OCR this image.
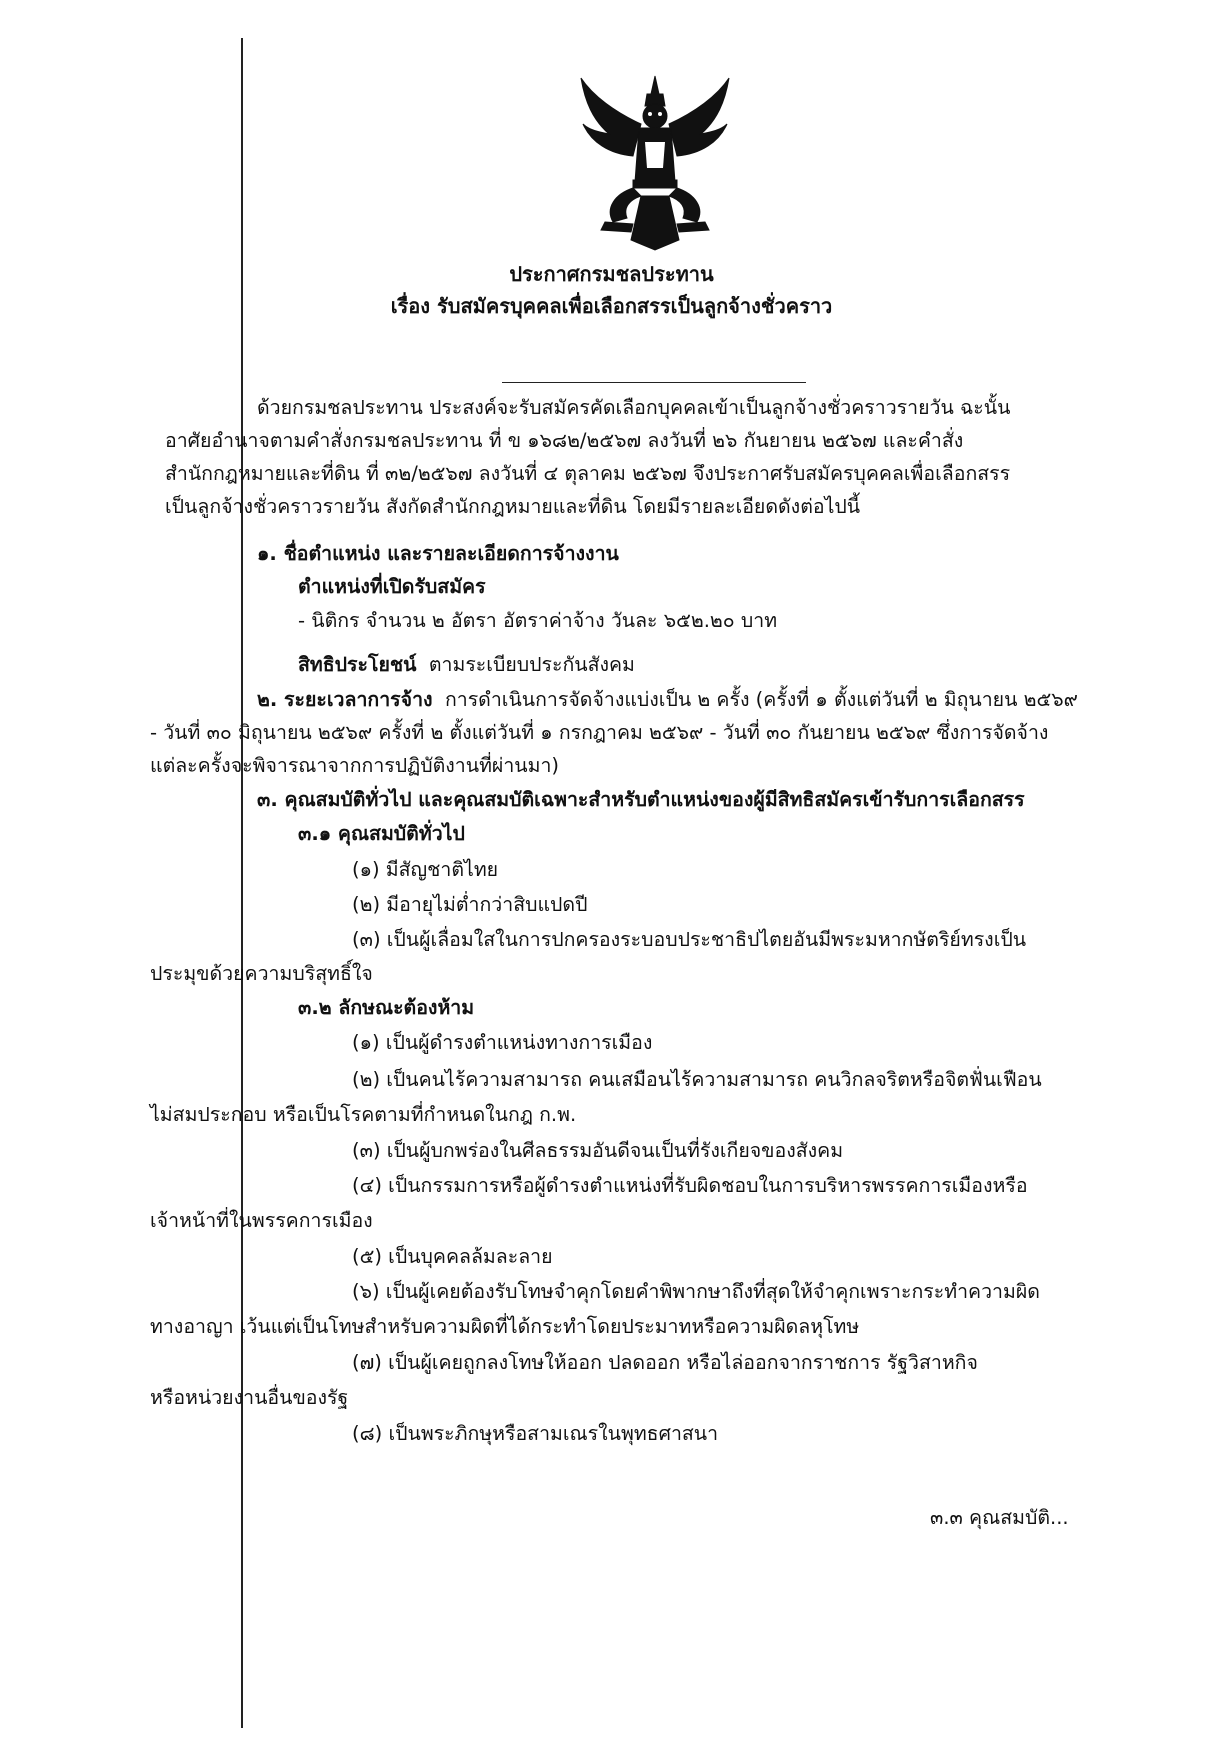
ประกาศกรมชลประทาน
เรื่อง รับสมัครบุคคลเพื่อเลือกสรรเป็นลูกจ้างชั่วคราว
ด้วยกรมชลประทาน ประสงค์จะรับสมัครคัดเลือกบุคคลเข้าเป็นลูกจ้างชั่วคราวรายวัน ฉะนั้น
อาศัยอำนาจตามคำสั่งกรมชลประทาน ที่ ข ๑๖๘๒/๒๕๖๗ ลงวันที่ ๒๖ กันยายน ๒๕๖๗ และคำสั่ง
สำนักกฎหมายและที่ดิน ที่ ๓๒/๒๕๖๗ ลงวันที่ ๔ ตุลาคม ๒๕๖๗ จึงประกาศรับสมัครบุคคลเพื่อเลือกสรร
เป็นลูกจ้างชั่วคราวรายวัน สังกัดสำนักกฎหมายและที่ดิน โดยมีรายละเอียดดังต่อไปนี้
๑. ชื่อตำแหน่ง และรายละเอียดการจ้างงาน
ตำแหน่งที่เปิดรับสมัคร
- นิติกร จำนวน ๒ อัตรา อัตราค่าจ้าง วันละ ๖๕๒.๒๐ บาท
สิทธิประโยชน์ ตามระเบียบประกันสังคม
๒. ระยะเวลาการจ้าง การดำเนินการจัดจ้างแบ่งเป็น ๒ ครั้ง (ครั้งที่ ๑ ตั้งแต่วันที่ ๒ มิถุนายน ๒๕๖๙
- วันที่ ๓๐ มิถุนายน ๒๕๖๙ ครั้งที่ ๒ ตั้งแต่วันที่ ๑ กรกฎาคม ๒๕๖๙ - วันที่ ๓๐ กันยายน ๒๕๖๙ ซึ่งการจัดจ้าง
แต่ละครั้งจะพิจารณาจากการปฏิบัติงานที่ผ่านมา)
๓. คุณสมบัติทั่วไป และคุณสมบัติเฉพาะสำหรับตำแหน่งของผู้มีสิทธิสมัครเข้ารับการเลือกสรร
๓.๑ คุณสมบัติทั่วไป
(๑) มีสัญชาติไทย
(๒) มีอายุไม่ต่ำกว่าสิบแปดปี
(๓) เป็นผู้เลื่อมใสในการปกครองระบอบประชาธิปไตยอันมีพระมหากษัตริย์ทรงเป็น
ประมุขด้วยความบริสุทธิ์ใจ
๓.๒ ลักษณะต้องห้าม
(๑) เป็นผู้ดำรงตำแหน่งทางการเมือง
(๒) เป็นคนไร้ความสามารถ คนเสมือนไร้ความสามารถ คนวิกลจริตหรือจิตฟั่นเฟือน
ไม่สมประกอบ หรือเป็นโรคตามที่กำหนดในกฎ ก.พ.
(๓) เป็นผู้บกพร่องในศีลธรรมอันดีจนเป็นที่รังเกียจของสังคม
(๔) เป็นกรรมการหรือผู้ดำรงตำแหน่งที่รับผิดชอบในการบริหารพรรคการเมืองหรือ
เจ้าหน้าที่ในพรรคการเมือง
(๕) เป็นบุคคลล้มละลาย
(๖) เป็นผู้เคยต้องรับโทษจำคุกโดยคำพิพากษาถึงที่สุดให้จำคุกเพราะกระทำความผิด
ทางอาญา เว้นแต่เป็นโทษสำหรับความผิดที่ได้กระทำโดยประมาทหรือความผิดลหุโทษ
(๗) เป็นผู้เคยถูกลงโทษให้ออก ปลดออก หรือไล่ออกจากราชการ รัฐวิสาหกิจ
หรือหน่วยงานอื่นของรัฐ
(๘) เป็นพระภิกษุหรือสามเณรในพุทธศาสนา
๓.๓ คุณสมบัติ...
